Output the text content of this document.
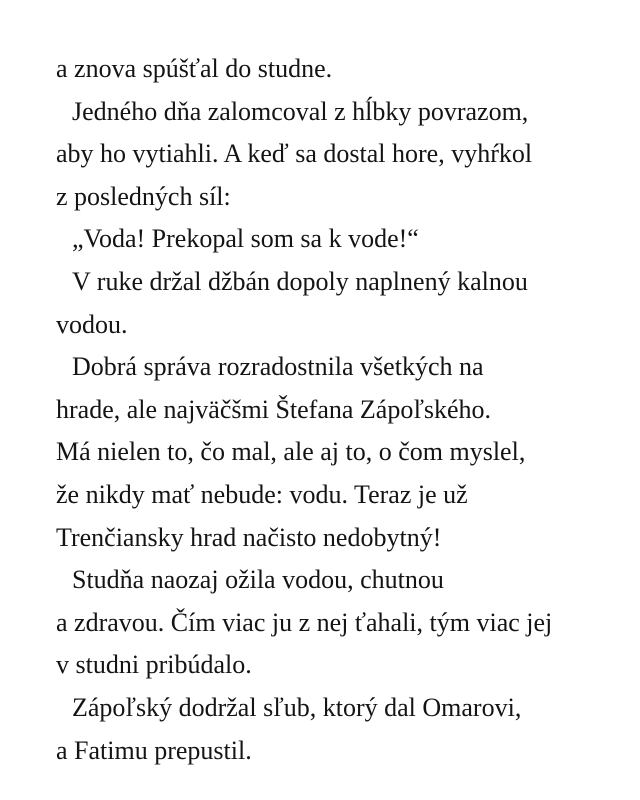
a znova spúšťal do studne.
Jedného dňa zalomcoval z hĺbky povrazom,
aby ho vytiahli. A keď sa dostal hore, vyhŕkol
z posledných síl:
„Voda! Prekopal som sa k vode!“
V ruke držal džbán dopoly naplnený kalnou
vodou.
Dobrá správa rozradostnila všetkých na
hrade, ale najväčšmi Štefana Zápoľského.
Má nielen to, čo mal, ale aj to, o čom myslel,
že nikdy mať nebude: vodu. Teraz je už
Trenčiansky hrad načisto nedobytný!
Studňa naozaj ožila vodou, chutnou
a zdravou. Čím viac ju z nej ťahali, tým viac jej
v studni pribúdalo.
Zápoľský dodržal sľub, ktorý dal Omarovi,
a Fatimu prepustil.
